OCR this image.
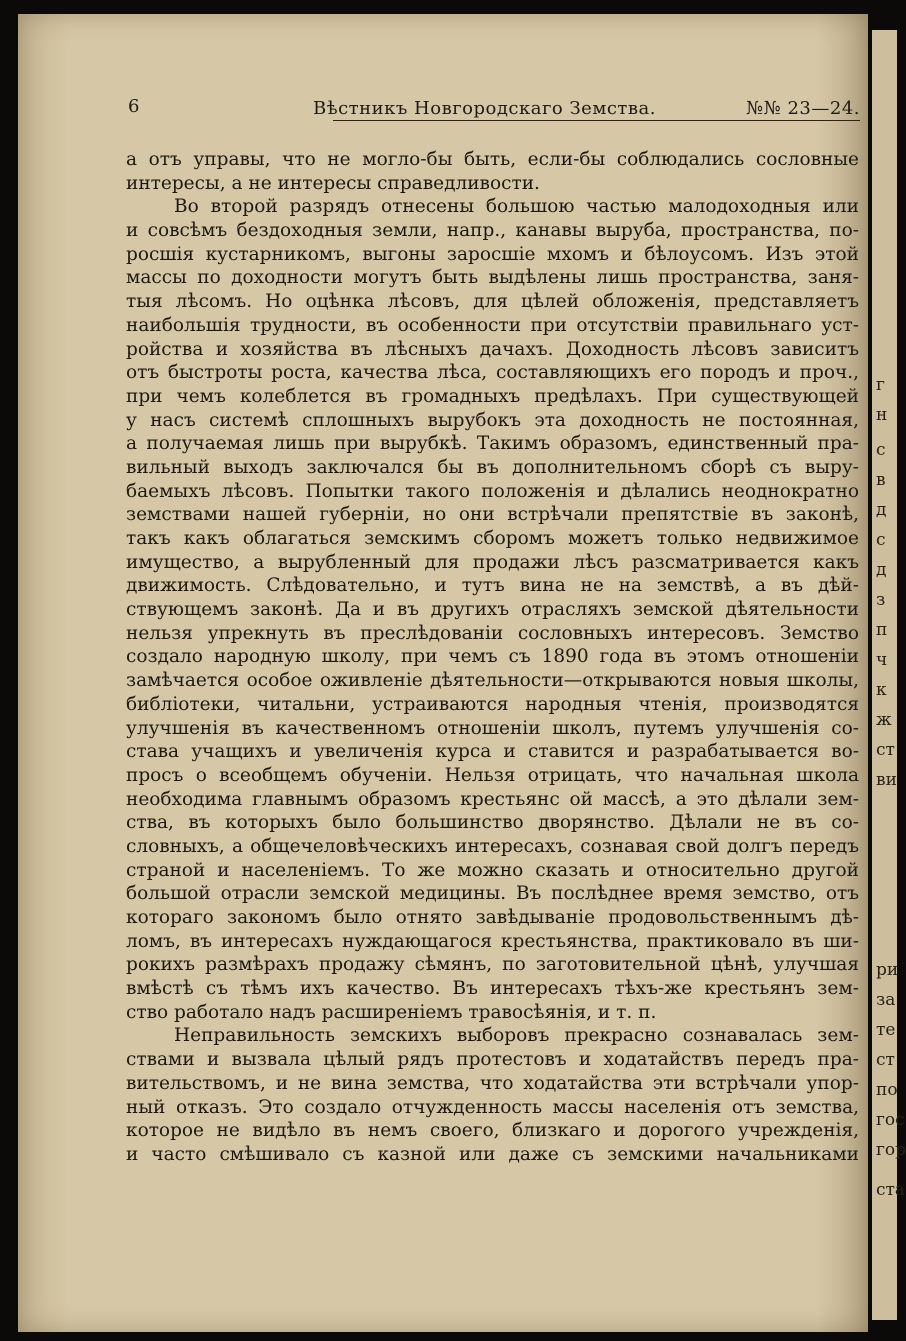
г
н
с
в
д
с
д
з
п
ч
к
ж
ст
ви
ри
за
те
ст
по
гос
гор
ста
6	Вѣстникъ Новгородскаго Земства.	№№ 23—24.
а отъ управы, что не могло-бы быть, если-бы соблюдались сословные
интересы, а не интересы справедливости.
Во второй разрядъ отнесены большою частью малодоходныя или
и совсѣмъ бездоходныя земли, напр., канавы выруба, пространства, по-
росшія кустарникомъ, выгоны заросшіе мхомъ и бѣлоусомъ. Изъ этой
массы по доходности могутъ быть выдѣлены лишь пространства, заня-
тыя лѣсомъ. Но оцѣнка лѣсовъ, для цѣлей обложенія, представляетъ
наибольшія трудности, въ особенности при отсутствіи правильнаго уст-
ройства и хозяйства въ лѣсныхъ дачахъ. Доходность лѣсовъ зависитъ
отъ быстроты роста, качества лѣса, составляющихъ его породъ и проч.,
при чемъ колеблется въ громадныхъ предѣлахъ. При существующей
у насъ системѣ сплошныхъ вырубокъ эта доходность не постоянная,
а получаемая лишь при вырубкѣ. Такимъ образомъ, единственный пра-
вильный выходъ заключался бы въ дополнительномъ сборѣ съ выру-
баемыхъ лѣсовъ. Попытки такого положенія и дѣлались неоднократно
земствами нашей губерніи, но они встрѣчали препятствіе въ законѣ,
такъ какъ облагаться земскимъ сборомъ можетъ только недвижимое
имущество, а вырубленный для продажи лѣсъ разсматривается какъ
движимость. Слѣдовательно, и тутъ вина не на земствѣ, а въ дѣй-
ствующемъ законѣ. Да и въ другихъ отрасляхъ земской дѣятельности
нельзя упрекнуть въ преслѣдованіи сословныхъ интересовъ. Земство
создало народную школу, при чемъ съ 1890 года въ этомъ отношеніи
замѣчается особое оживленіе дѣятельности—открываются новыя школы,
библіотеки, читальни, устраиваются народныя чтенія, производятся
улучшенія въ качественномъ отношеніи школъ, путемъ улучшенія со-
става учащихъ и увеличенія курса и ставится и разрабатывается во-
просъ о всеобщемъ обученіи. Нельзя отрицать, что начальная школа
необходима главнымъ образомъ крестьянс ой массѣ, а это дѣлали зем-
ства, въ которыхъ было большинство дворянство. Дѣлали не въ со-
словныхъ, а общечеловѣческихъ интересахъ, сознавая свой долгъ передъ
страной и населеніемъ. То же можно сказать и относительно другой
большой отрасли земской медицины. Въ послѣднее время земство, отъ
котораго закономъ было отнято завѣдываніе продовольственнымъ дѣ-
ломъ, въ интересахъ нуждающагося крестьянства, практиковало въ ши-
рокихъ размѣрахъ продажу сѣмянъ, по заготовительной цѣнѣ, улучшая
вмѣстѣ съ тѣмъ ихъ качество. Въ интересахъ тѣхъ-же крестьянъ зем-
ство работало надъ расширеніемъ травосѣянія, и т. п.
Неправильность земскихъ выборовъ прекрасно сознавалась зем-
ствами и вызвала цѣлый рядъ протестовъ и ходатайствъ передъ пра-
вительствомъ, и не вина земства, что ходатайства эти встрѣчали упор-
ный отказъ. Это создало отчужденность массы населенія отъ земства,
которое не видѣло въ немъ своего, близкаго и дорогого учрежденія,
и часто смѣшивало съ казной или даже съ земскими начальниками
